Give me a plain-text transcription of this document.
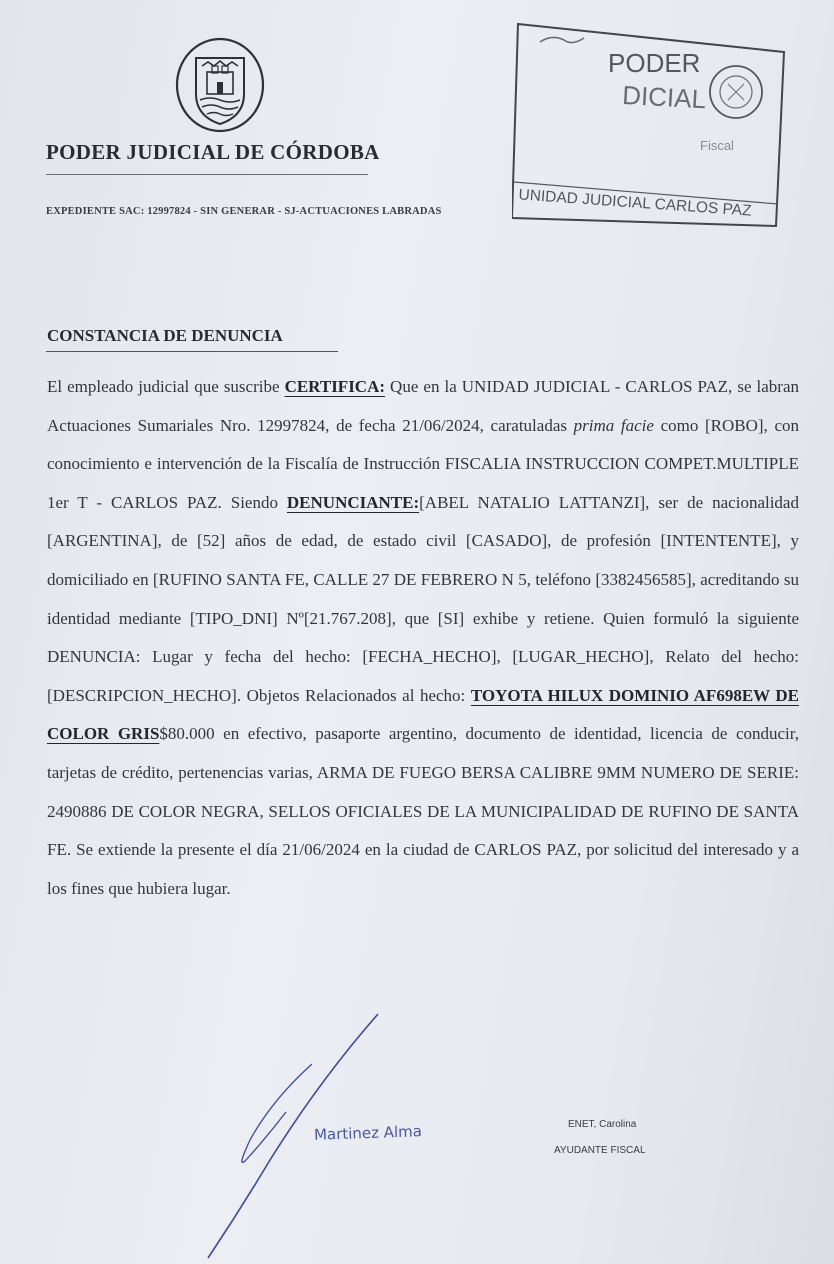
PODER JUDICIAL DE CÓRDOBA
EXPEDIENTE SAC: 12997824 - SIN GENERAR - SJ-ACTUACIONES LABRADAS
PODER
DICIAL
Fiscal
UNIDAD JUDICIAL CARLOS PAZ
CONSTANCIA DE DENUNCIA
El empleado judicial que suscribe CERTIFICA: Que en la UNIDAD JUDICIAL - CARLOS PAZ, se labran Actuaciones Sumariales Nro. 12997824, de fecha 21/06/2024, caratuladas prima facie como [ROBO], con conocimiento e intervención de la Fiscalía de Instrucción FISCALIA INSTRUCCION COMPET.MULTIPLE 1er T - CARLOS PAZ. Siendo DENUNCIANTE:[ABEL NATALIO LATTANZI], ser de nacionalidad [ARGENTINA], de [52] años de edad, de estado civil [CASADO], de profesión [INTENTENTE], y domiciliado en [RUFINO SANTA FE, CALLE 27 DE FEBRERO N 5, teléfono [3382456585], acreditando su identidad mediante [TIPO_DNI] Nº[21.767.208], que [SI] exhibe y retiene. Quien formuló la siguiente DENUNCIA: Lugar y fecha del hecho: [FECHA_HECHO], [LUGAR_HECHO], Relato del hecho: [DESCRIPCION_HECHO]. Objetos Relacionados al hecho: TOYOTA HILUX DOMINIO AF698EW DE COLOR GRIS$80.000 en efectivo, pasaporte argentino, documento de identidad, licencia de conducir, tarjetas de crédito, pertenencias varias, ARMA DE FUEGO BERSA CALIBRE 9MM NUMERO DE SERIE: 2490886 DE COLOR NEGRA, SELLOS OFICIALES DE LA MUNICIPALIDAD DE RUFINO DE SANTA FE. Se extiende la presente el día 21/06/2024 en la ciudad de CARLOS PAZ, por solicitud del interesado y a los fines que hubiera lugar.
Martinez Alma	ENET, Carolina
AYUDANTE FISCAL
